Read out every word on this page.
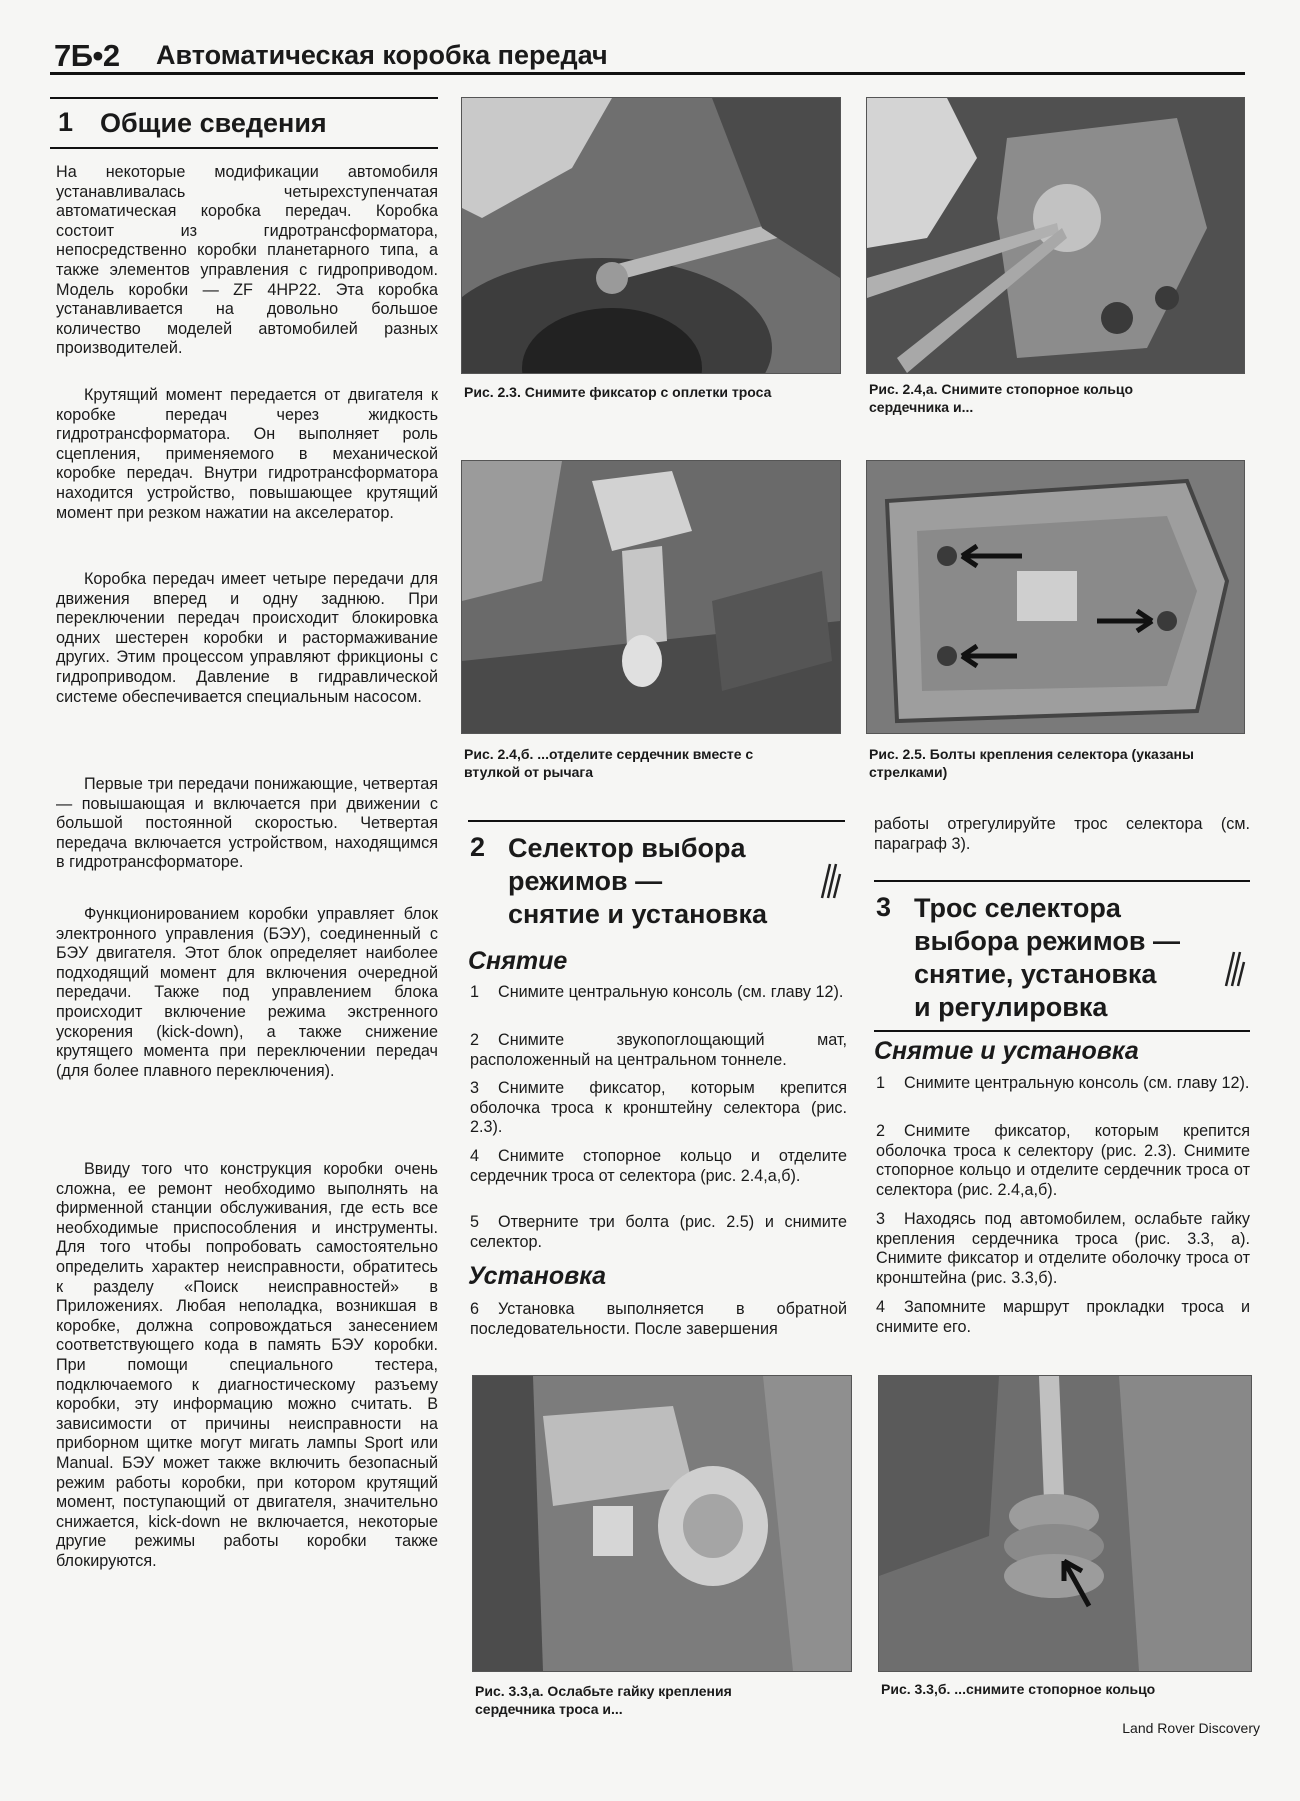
7Б•2 Автоматическая коробка передач
1 Общие сведения

На некоторые модификации автомобиля устанавливалась четырехступенчатая автоматическая коробка передач. Коробка состоит из гидротрансформатора, непосредственно коробки планетарного типа, а также элементов управления с гидроприводом. Модель коробки — ZF 4HP22. Эта коробка устанавливается на довольно большое количество моделей автомобилей разных производителей.

Крутящий момент передается от двигателя к коробке передач через жидкость гидротрансформатора. Он выполняет роль сцепления, применяемого в механической коробке передач. Внутри гидротрансформатора находится устройство, повышающее крутящий момент при резком нажатии на акселератор.

Коробка передач имеет четыре передачи для движения вперед и одну заднюю. При переключении передач происходит блокировка одних шестерен коробки и растормаживание других. Этим процессом управляют фрикционы с гидроприводом. Давление в гидравлической системе обеспечивается специальным насосом.

Первые три передачи понижающие, четвертая — повышающая и включается при движении с большой постоянной скоростью. Четвертая передача включается устройством, находящимся в гидротрансформаторе.

Функционированием коробки управляет блок электронного управления (БЭУ), соединенный с БЭУ двигателя. Этот блок определяет наиболее подходящий момент для включения очередной передачи. Также под управлением блока происходит включение режима экстренного ускорения (kick-down), а также снижение крутящего момента при переключении передач (для более плавного переключения).

Ввиду того что конструкция коробки очень сложна, ее ремонт необходимо выполнять на фирменной станции обслуживания, где есть все необходимые приспособления и инструменты. Для того чтобы попробовать самостоятельно определить характер неисправности, обратитесь к разделу «Поиск неисправностей» в Приложениях. Любая неполадка, возникшая в коробке, должна сопровождаться занесением соответствующего кода в память БЭУ коробки. При помощи специального тестера, подключаемого к диагностическому разъему коробки, эту информацию можно считать. В зависимости от причины неисправности на приборном щитке могут мигать лампы Sport или Manual. БЭУ может также включить безопасный режим работы коробки, при котором крутящий момент, поступающий от двигателя, значительно снижается, kick-down не включается, некоторые другие режимы работы коробки также блокируются.

Рис. 2.3. Снимите фиксатор с оплетки троса	Рис. 2.4,а. Снимите стопорное кольцо сердечника и...

Рис. 2.4,б. ...отделите сердечник вместе с втулкой от рычага

Рис. 2.5. Болты крепления селектора (указаны стрелками)

2 Селектор выбора
режимов —
снятие и установка
Снятие

1 Снимите центральную консоль (см. главу 12).

2 Снимите звукопоглощающий мат, расположенный на центральном тоннеле.

3 Снимите фиксатор, которым крепится оболочка троса к кронштейну селектора (рис. 2.3).

4 Снимите стопорное кольцо и отделите сердечник троса от селектора (рис. 2.4,а,б).

5 Отверните три болта (рис. 2.5) и снимите селектор.

Установка

6 Установка выполняется в обратной последовательности. После завершения

работы отрегулируйте трос селектора (см. параграф 3).

3 Трос селектора
выбора режимов —
снятие, установка
и регулировка
Снятие и установка

1 Снимите центральную консоль (см. главу 12).

2 Снимите фиксатор, которым крепится оболочка троса к селектору (рис. 2.3). Снимите стопорное кольцо и отделите сердечник троса от селектора (рис. 2.4,а,б).

3 Находясь под автомобилем, ослабьте гайку крепления сердечника троса (рис. 3.3, а). Снимите фиксатор и отделите оболочку троса от кронштейна (рис. 3.3,б).

4 Запомните маршрут прокладки троса и снимите его.

Рис. 3.3,а. Ослабьте гайку крепления сердечника троса и...

Рис. 3.3,б. ...снимите стопорное кольцо

Land Rover Discovery
